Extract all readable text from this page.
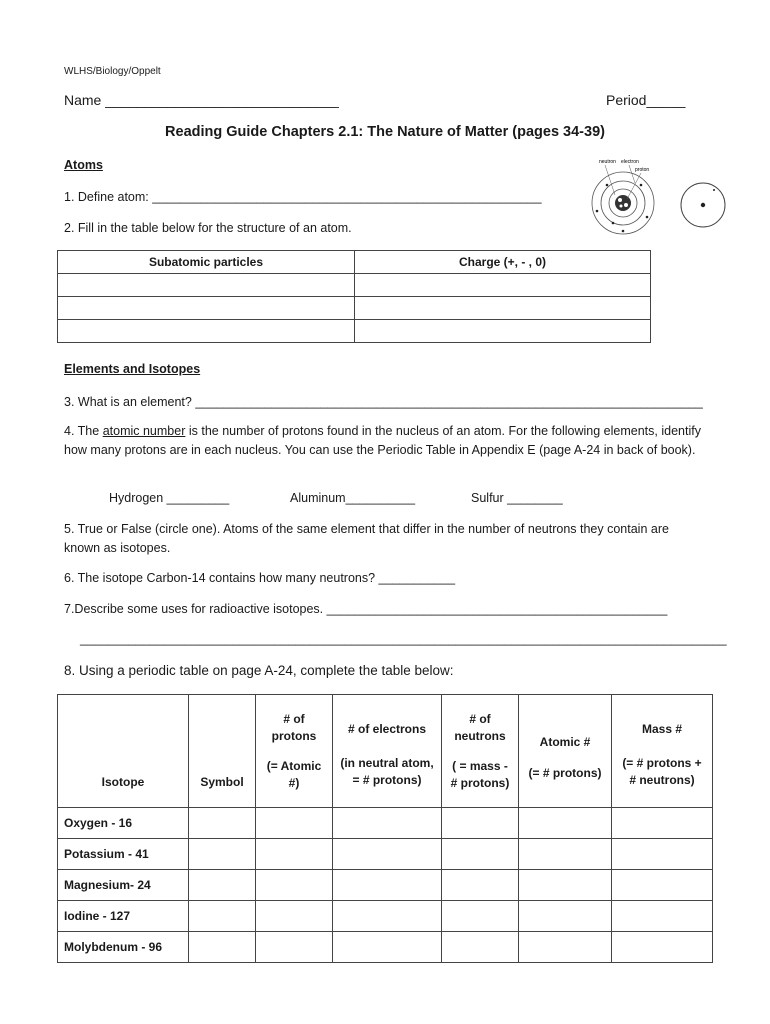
WLHS/Biology/Oppelt
Name ______________________________	Period_____
Reading Guide Chapters 2.1: The Nature of Matter (pages 34-39)
Atoms
1. Define atom: ________________________________________________________
2. Fill in the table below for the structure of an atom.
neutron electron
proton
Subatomic particles	Charge (+, - , 0)

Elements and Isotopes
3. What is an element? _________________________________________________________________________
4. The atomic number is the number of protons found in the nucleus of an atom. For the following elements, identify how many protons are in each nucleus. You can use the Periodic Table in Appendix E (page A-24 in back of book).
Hydrogen _________	Aluminum__________	Sulfur ________
5. True or False (circle one). Atoms of the same element that differ in the number of neutrons they contain are known as isotopes.
6. The isotope Carbon-14 contains how many neutrons? ___________
7.Describe some uses for radioactive isotopes. _________________________________________________
_____________________________________________________________________________________________
8. Using a periodic table on page A-24, complete the table below:
Isotope	Symbol	# of
protons
(= Atomic
#)	# of electrons
(in neutral atom,
= # protons)	# of
neutrons
( = mass -
# protons)	Atomic #
(= # protons)	Mass #
(= # protons +
# neutrons)

Oxygen - 16						
Potassium - 41						
Magnesium- 24						
Iodine - 127						
Molybdenum - 96						
